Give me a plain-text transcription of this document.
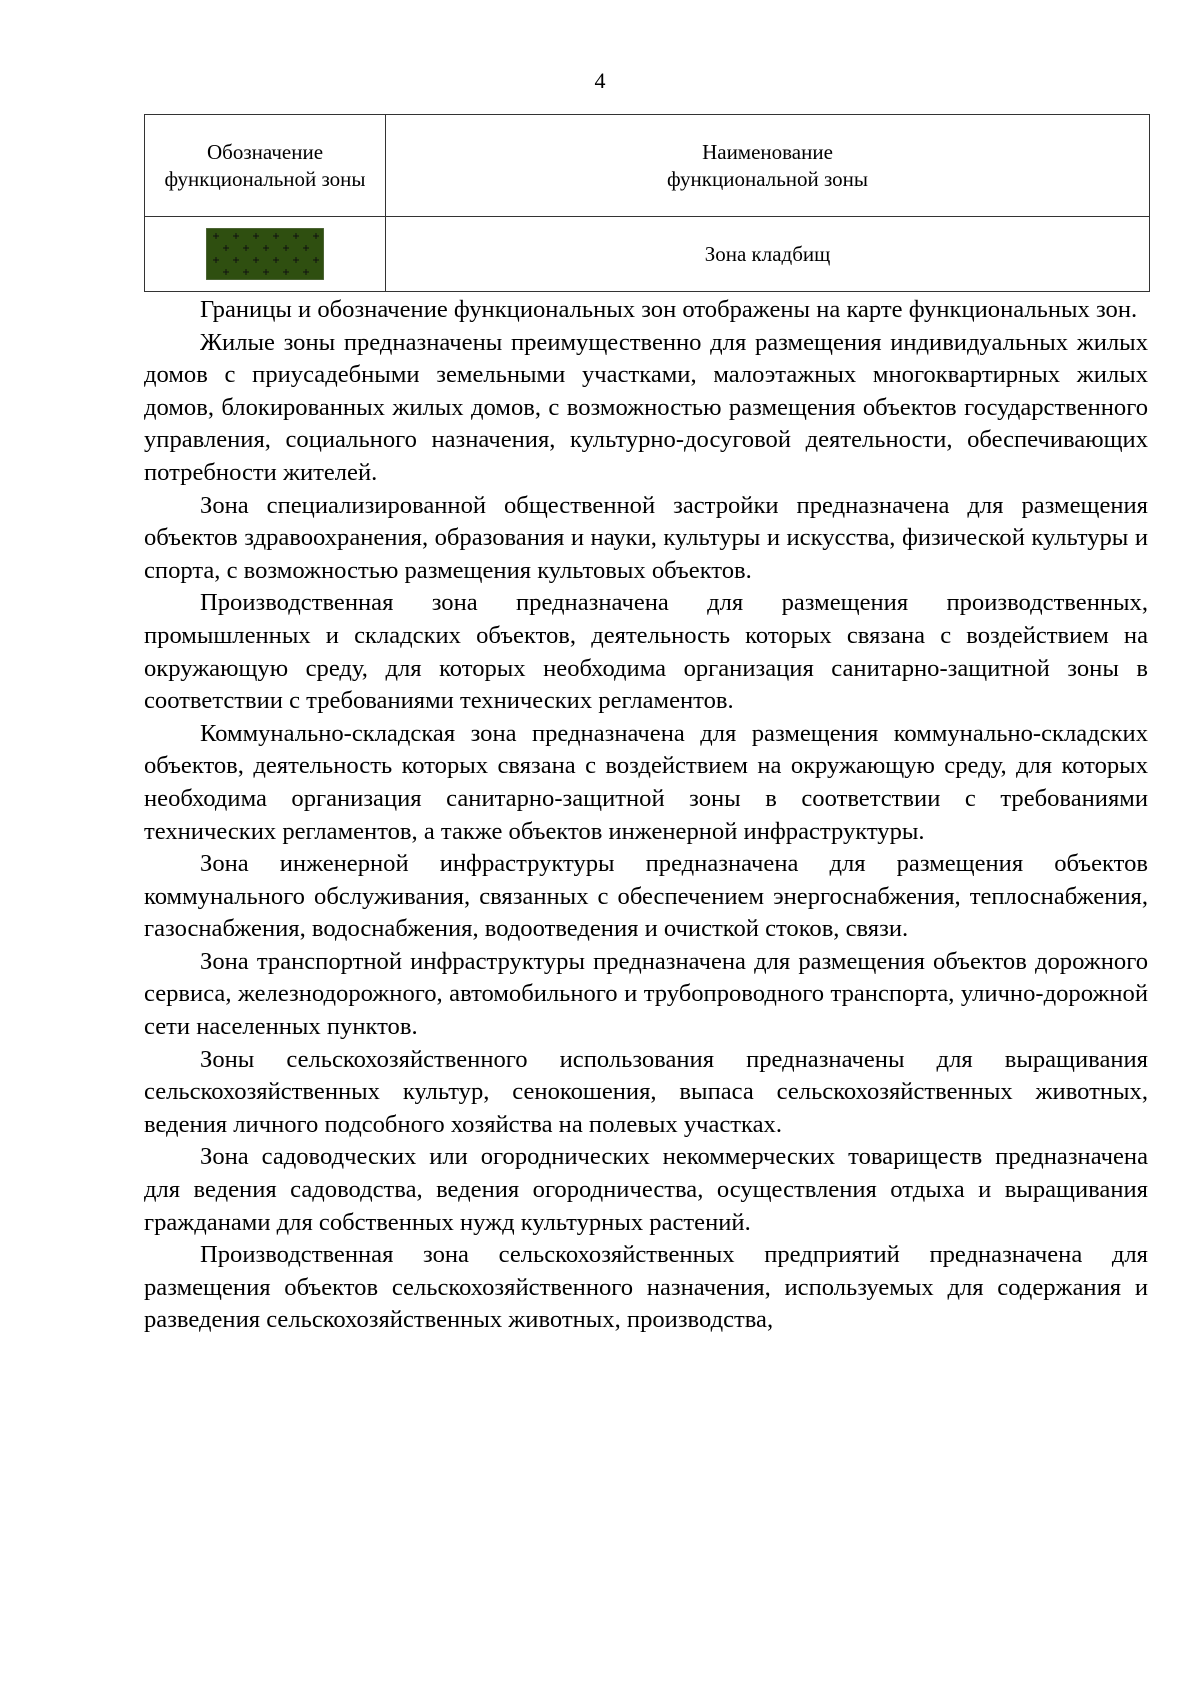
4
Обозначение функциональной зоны	Наименование функциональной зоны
	Зона кладбищ

Границы и обозначение функциональных зон отображены на карте функциональных зон.

Жилые зоны предназначены преимущественно для размещения индивидуальных жилых домов с приусадебными земельными участками, малоэтажных многоквартирных жилых домов, блокированных жилых домов, с возможностью размещения объектов государственного управления, социального назначения, культурно-досуговой деятельности, обеспечивающих потребности жителей.

Зона специализированной общественной застройки предназначена для размещения объектов здравоохранения, образования и науки, культуры и искусства, физической культуры и спорта, с возможностью размещения культовых объектов.

Производственная зона предназначена для размещения производственных, промышленных и складских объектов, деятельность которых связана с воздействием на окружающую среду, для которых необходима организация санитарно-защитной зоны в соответствии с требованиями технических регламентов.

Коммунально-складская зона предназначена для размещения коммунально-складских объектов, деятельность которых связана с воздействием на окружающую среду, для которых необходима организация санитарно-защитной зоны в соответствии с требованиями технических регламентов, а также объектов инженерной инфраструктуры.

Зона инженерной инфраструктуры предназначена для размещения объектов коммунального обслуживания, связанных с обеспечением энергоснабжения, теплоснабжения, газоснабжения, водоснабжения, водоотведения и очисткой стоков, связи.

Зона транспортной инфраструктуры предназначена для размещения объектов дорожного сервиса, железнодорожного, автомобильного и трубопроводного транспорта, улично-дорожной сети населенных пунктов.

Зоны сельскохозяйственного использования предназначены для выращивания сельскохозяйственных культур, сенокошения, выпаса сельскохозяйственных животных, ведения личного подсобного хозяйства на полевых участках.

Зона садоводческих или огороднических некоммерческих товариществ предназначена для ведения садоводства, ведения огородничества, осуществления отдыха и выращивания гражданами для собственных нужд культурных растений.

Производственная зона сельскохозяйственных предприятий предназначена для размещения объектов сельскохозяйственного назначения, используемых для содержания и разведения сельскохозяйственных животных, производства,
